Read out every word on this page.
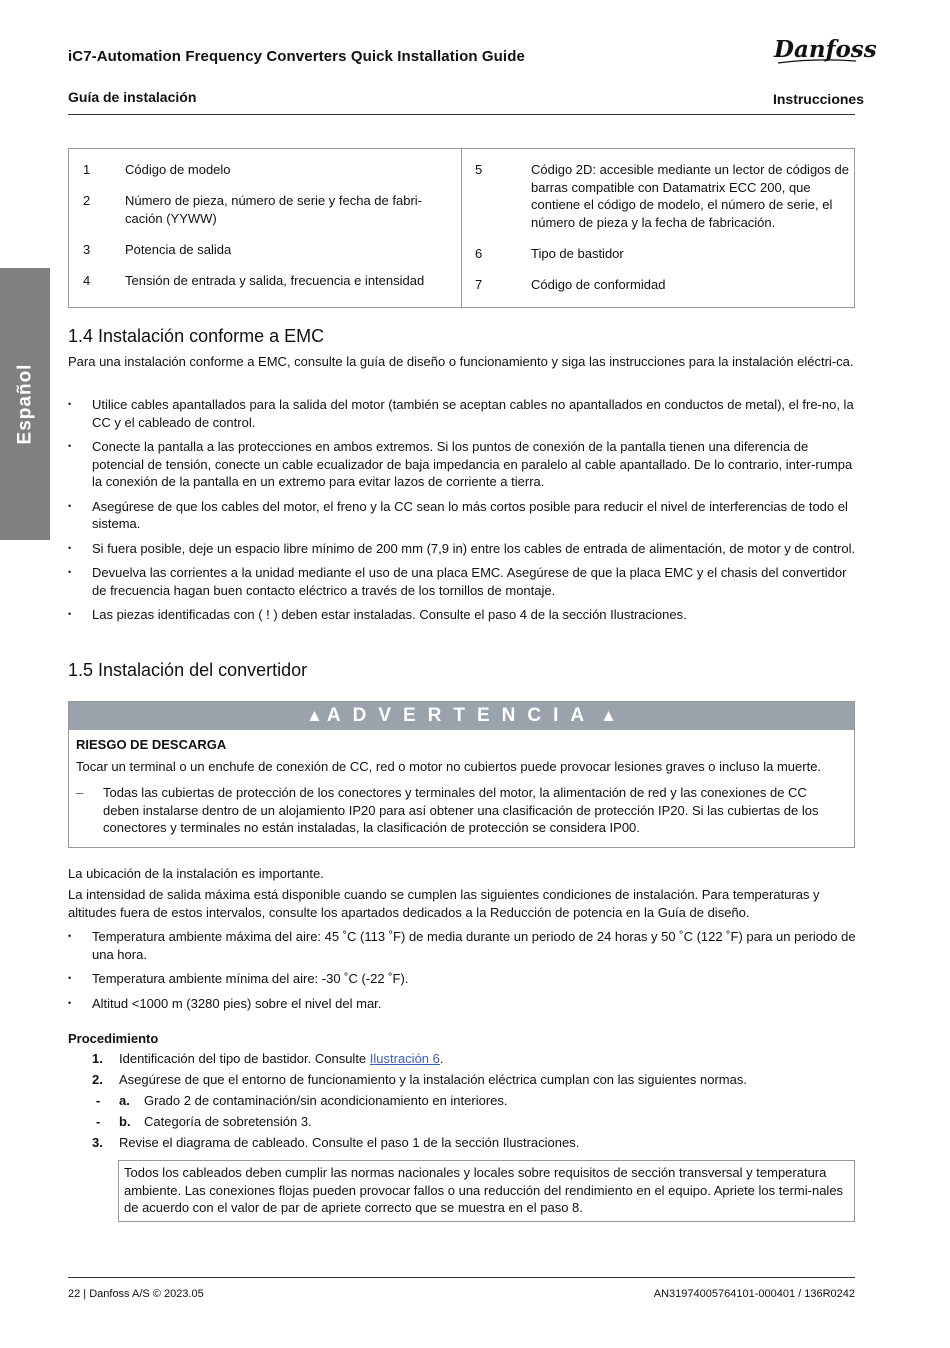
iC7-Automation Frequency Converters Quick Installation Guide
Guía de instalación	Instrucciones
Danfoss
Español
1	Código de modelo
2	Número de pieza, número de serie y fecha de fabri-cación (YYWW)
3	Potencia de salida
4	Tensión de entrada y salida, frecuencia e intensidad
5	Código 2D: accesible mediante un lector de códigos de barras compatible con Datamatrix ECC 200, que contiene el código de modelo, el número de serie, el número de pieza y la fecha de fabricación.
6	Tipo de bastidor
7	Código de conformidad
1.4 Instalación conforme a EMC

Para una instalación conforme a EMC, consulte la guía de diseño o funcionamiento y siga las instrucciones para la instalación eléctri-ca.

• Utilice cables apantallados para la salida del motor (también se aceptan cables no apantallados en conductos de metal), el fre-no, la CC y el cableado de control.
• Conecte la pantalla a las protecciones en ambos extremos. Si los puntos de conexión de la pantalla tienen una diferencia de potencial de tensión, conecte un cable ecualizador de baja impedancia en paralelo al cable apantallado. De lo contrario, inter-rumpa la conexión de la pantalla en un extremo para evitar lazos de corriente a tierra.
• Asegúrese de que los cables del motor, el freno y la CC sean lo más cortos posible para reducir el nivel de interferencias de todo el sistema.
• Si fuera posible, deje un espacio libre mínimo de 200 mm (7,9 in) entre los cables de entrada de alimentación, de motor y de control.
• Devuelva las corrientes a la unidad mediante el uso de una placa EMC. Asegúrese de que la placa EMC y el chasis del convertidor de frecuencia hagan buen contacto eléctrico a través de los tornillos de montaje.
• Las piezas identificadas con ( ! ) deben estar instaladas. Consulte el paso 4 de la sección Ilustraciones.
1.5 Instalación del convertidor
▲ ADVERTENCIA ▲
RIESGO DE DESCARGA
Tocar un terminal o un enchufe de conexión de CC, red o motor no cubiertos puede provocar lesiones graves o incluso la muerte.
– Todas las cubiertas de protección de los conectores y terminales del motor, la alimentación de red y las conexiones de CC deben instalarse dentro de un alojamiento IP20 para así obtener una clasificación de protección IP20. Si las cubiertas de los conectores y terminales no están instaladas, la clasificación de protección se considera IP00.

La ubicación de la instalación es importante.

La intensidad de salida máxima está disponible cuando se cumplen las siguientes condiciones de instalación. Para temperaturas y altitudes fuera de estos intervalos, consulte los apartados dedicados a la Reducción de potencia en la Guía de diseño.

• Temperatura ambiente máxima del aire: 45 ˚C (113 ˚F) de media durante un periodo de 24 horas y 50 ˚C (122 ˚F) para un periodo de una hora.
• Temperatura ambiente mínima del aire: -30 ˚C (-22 ˚F).
• Altitud <1000 m (3280 pies) sobre el nivel del mar.

Procedimiento

1. Identificación del tipo de bastidor. Consulte Ilustración 6.
2. Asegúrese de que el entorno de funcionamiento y la instalación eléctrica cumplan con las siguientes normas.
- a. Grado 2 de contaminación/sin acondicionamiento en interiores.
- b. Categoría de sobretensión 3.
3. Revise el diagrama de cableado. Consulte el paso 1 de la sección Ilustraciones.
Todos los cableados deben cumplir las normas nacionales y locales sobre requisitos de sección transversal y temperatura ambiente. Las conexiones flojas pueden provocar fallos o una reducción del rendimiento en el equipo. Apriete los termi-nales de acuerdo con el valor de par de apriete correcto que se muestra en el paso 8.
22 | Danfoss A/S © 2023.05	AN31974005764101-000401 / 136R0242
